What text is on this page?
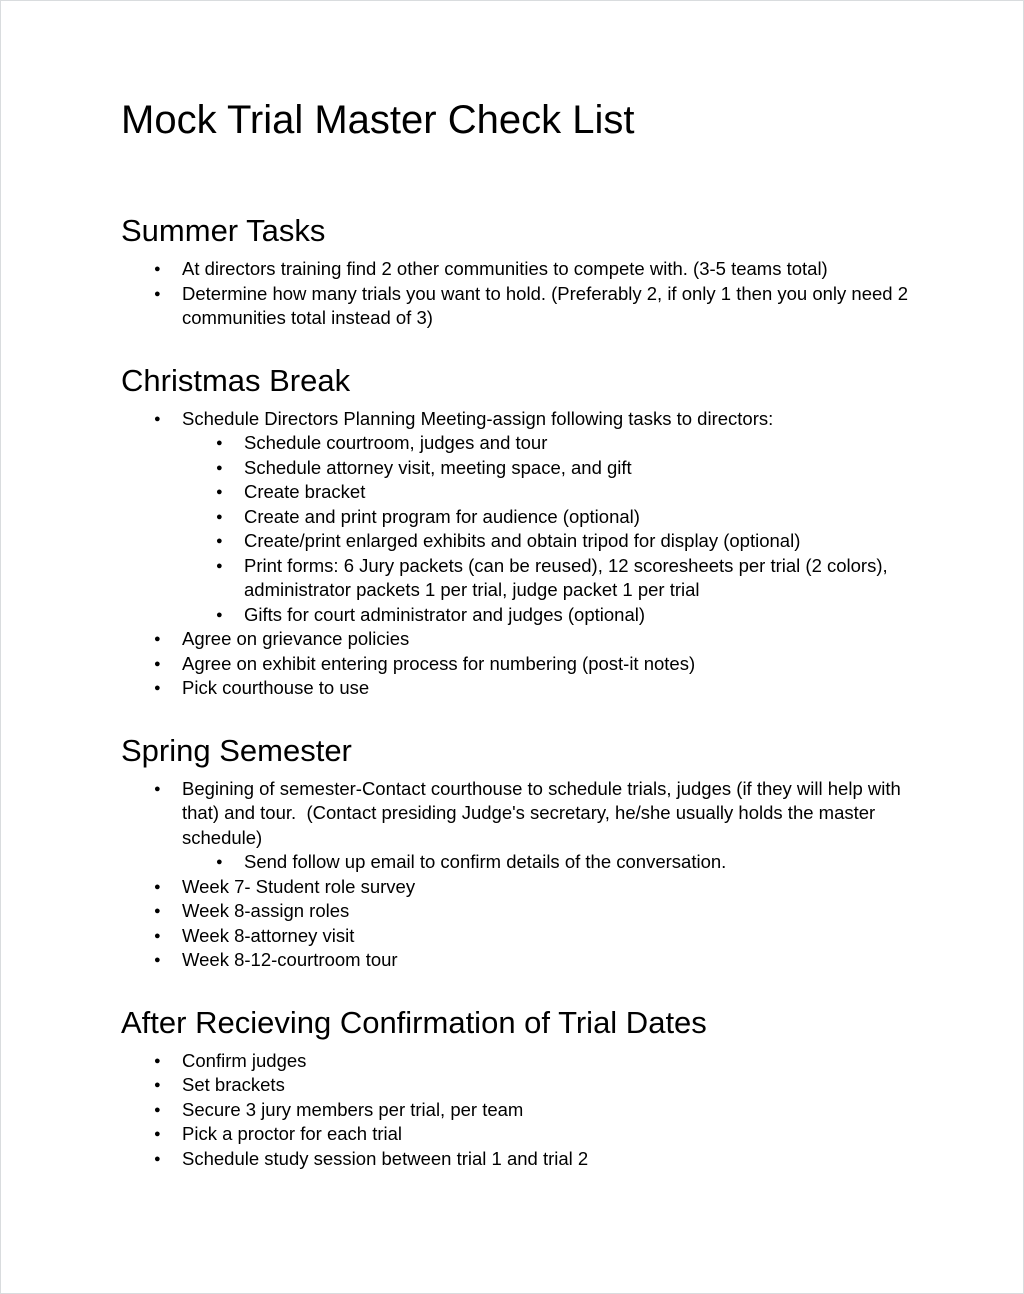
Mock Trial Master Check List
Summer Tasks
● At directors training find 2 other communities to compete with. (3-5 teams total)
● Determine how many trials you want to hold. (Preferably 2, if only 1 then you only need 2 communities total instead of 3)
Christmas Break
● Schedule Directors Planning Meeting-assign following tasks to directors:
● Schedule courtroom, judges and tour
● Schedule attorney visit, meeting space, and gift
● Create bracket
● Create and print program for audience (optional)
● Create/print enlarged exhibits and obtain tripod for display (optional)
● Print forms: 6 Jury packets (can be reused), 12 scoresheets per trial (2 colors), administrator packets 1 per trial, judge packet 1 per trial
● Gifts for court administrator and judges (optional)
● Agree on grievance policies
● Agree on exhibit entering process for numbering (post-it notes)
● Pick courthouse to use
Spring Semester
● Begining of semester-Contact courthouse to schedule trials, judges (if they will help with that) and tour.  (Contact presiding Judge's secretary, he/she usually holds the master schedule)
● Send follow up email to confirm details of the conversation.
● Week 7- Student role survey
● Week 8-assign roles
● Week 8-attorney visit
● Week 8-12-courtroom tour
After Recieving Confirmation of Trial Dates
● Confirm judges
● Set brackets
● Secure 3 jury members per trial, per team
● Pick a proctor for each trial
● Schedule study session between trial 1 and trial 2
